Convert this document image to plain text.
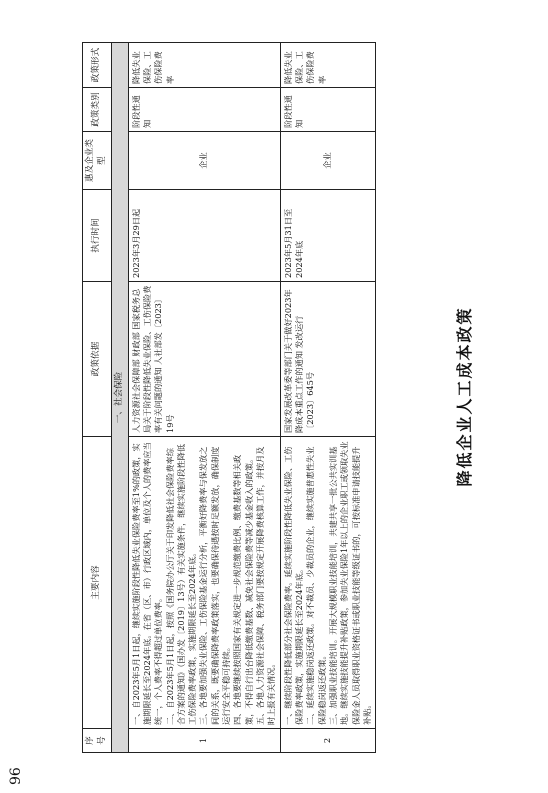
96
降低企业人工成本政策
序号	主要内容	政策依据	执行时间	惠及企业类型	政策类别	政策形式
一、社会保险						
1	一、自2023年5月1日起，继续实施阶段性降低失业保险费率至1%的政策，实施期限延长至2024年底。在省（区、市）行政区域内，单位及个人的费率应当统一，个人费率不得超过单位费率。 二、自2023年5月1日起，按照《国务院办公厅关于印发降低社会保险费率综合方案的通知》（国办发〔2019〕13号）有关实施条件，继续实施阶段性降低工伤保险费率政策，实施期限延长至2024年底。 三、各地要加强失业保险、工伤保险基金运行分析，平衡好降费率与保发放之间的关系，既要确保降费率政策落实，也要确保待遇按时足额发放，确保制度运行安全平稳可持续。 四、各地要继续按照国家有关规定进一步规范缴费比例、缴费基数等相关政策，不得自行出台降低缴费基数、减免社会保险费等减少基金收入的政策。 五、各地人力资源社会保障、税务部门要按规定开展降费核算工作，并按月及时上报有关情况。	人力资源社会保障部 财政部 国家税务总局关于阶段性降低失业保险、工伤保险费率有关问题的通知 人社部发〔2023〕19号	2023年3月29日起	企业	阶段性通知	降低失业保险、工伤保险费率
2	一、继续阶段性降低部分社会保险费率。延续实施阶段性降低失业保险、工伤保险费率政策，实施期限延长至2024年底。 二、延续实施稳岗返还政策。对不裁员、少裁员的企业，继续实施普惠性失业保险稳岗返还政策。 三、加强职业技能培训。开展大规模职业技能培训，共建共享一批公共实训基地。继续实施技能提升补贴政策，参加失业保险1年以上的企业职工或领取失业保险金人员取得职业资格证书或职业技能等级证书的，可按标准申请技能提升补贴。	国家发展改革委等部门关于做好2023年降成本重点工作的通知 发改运行〔2023〕645号	2023年5月31日至2024年底	企业	阶段性通知	降低失业保险、工伤保险费率
